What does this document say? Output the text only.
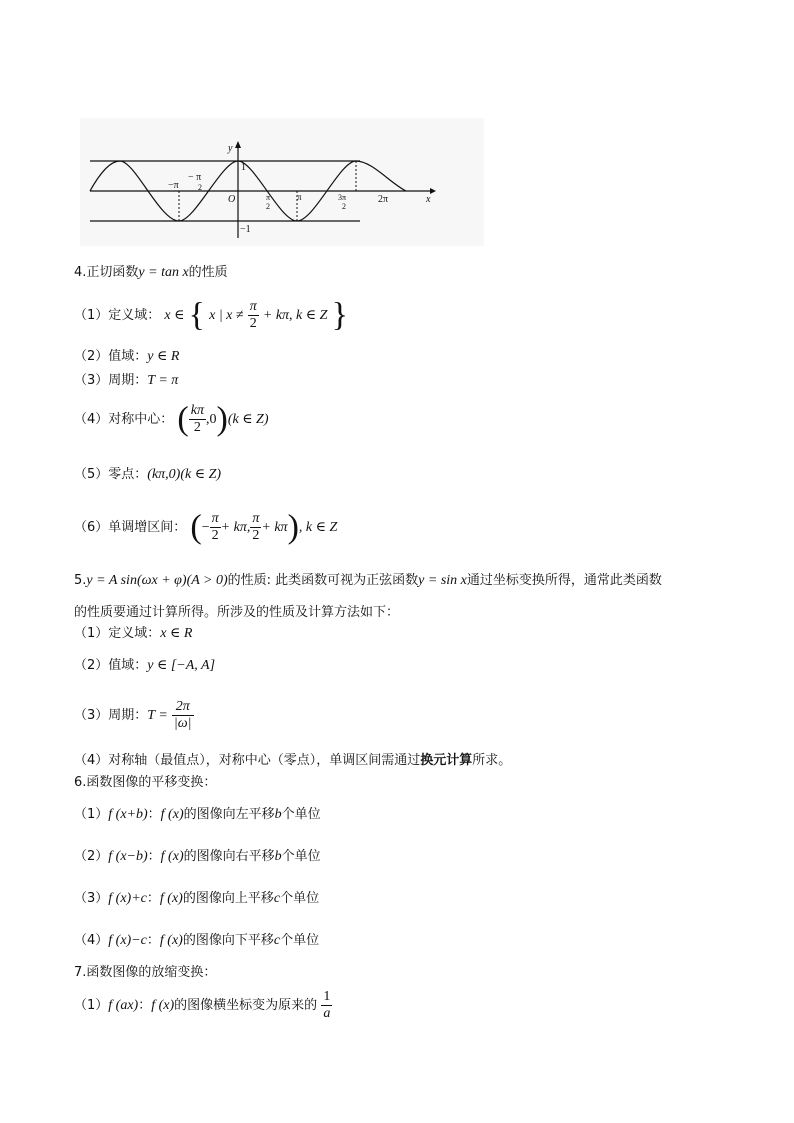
y
x
O
1
−1
−π
− π
2
π
2
π	3π
2
2π
4.正切函数y = tan x的性质
（1）定义域： x ∈ { x | $x \ne \frac{\pi}{2} + k\pi$, k ∈ Z }
（2）值域：y ∈ R
（3）周期：T = π
（4）对称中心： ( $\frac{k\pi}{2} ,0)(k$ ∈ Z)
（5）零点：(kπ,0)(k ∈ Z)
（6）单调增区间： (− $\frac{\pi}{2} + k\pi$, $\frac{\pi}{2} + k\pi$), k ∈ Z
5.y = A sin(ωx + φ)(A > 0)的性质: 此类函数可视为正弦函数y = sin x通过坐标变换所得，通常此类函数
的性质要通过计算所得。所涉及的性质及计算方法如下：
（1）定义域：x ∈ R
（2）值域：y ∈ [−A, A]
（3）周期：$T = \frac{2\pi}{|\omega|}$
（4）对称轴（最值点），对称中心（零点），单调区间需通过换元计算所求。
6.函数图像的平移变换：
（1）f (x+b)：f (x)的图像向左平移b个单位
（2）f (x−b)：f (x)的图像向右平移b个单位
（3）f (x)+c：f (x)的图像向上平移c个单位
（4）f (x)−c：f (x)的图像向下平移c个单位
7.函数图像的放缩变换：
（1）f (ax)：f (x)的图像横坐标变为原来的 $\frac{1}{a}$
